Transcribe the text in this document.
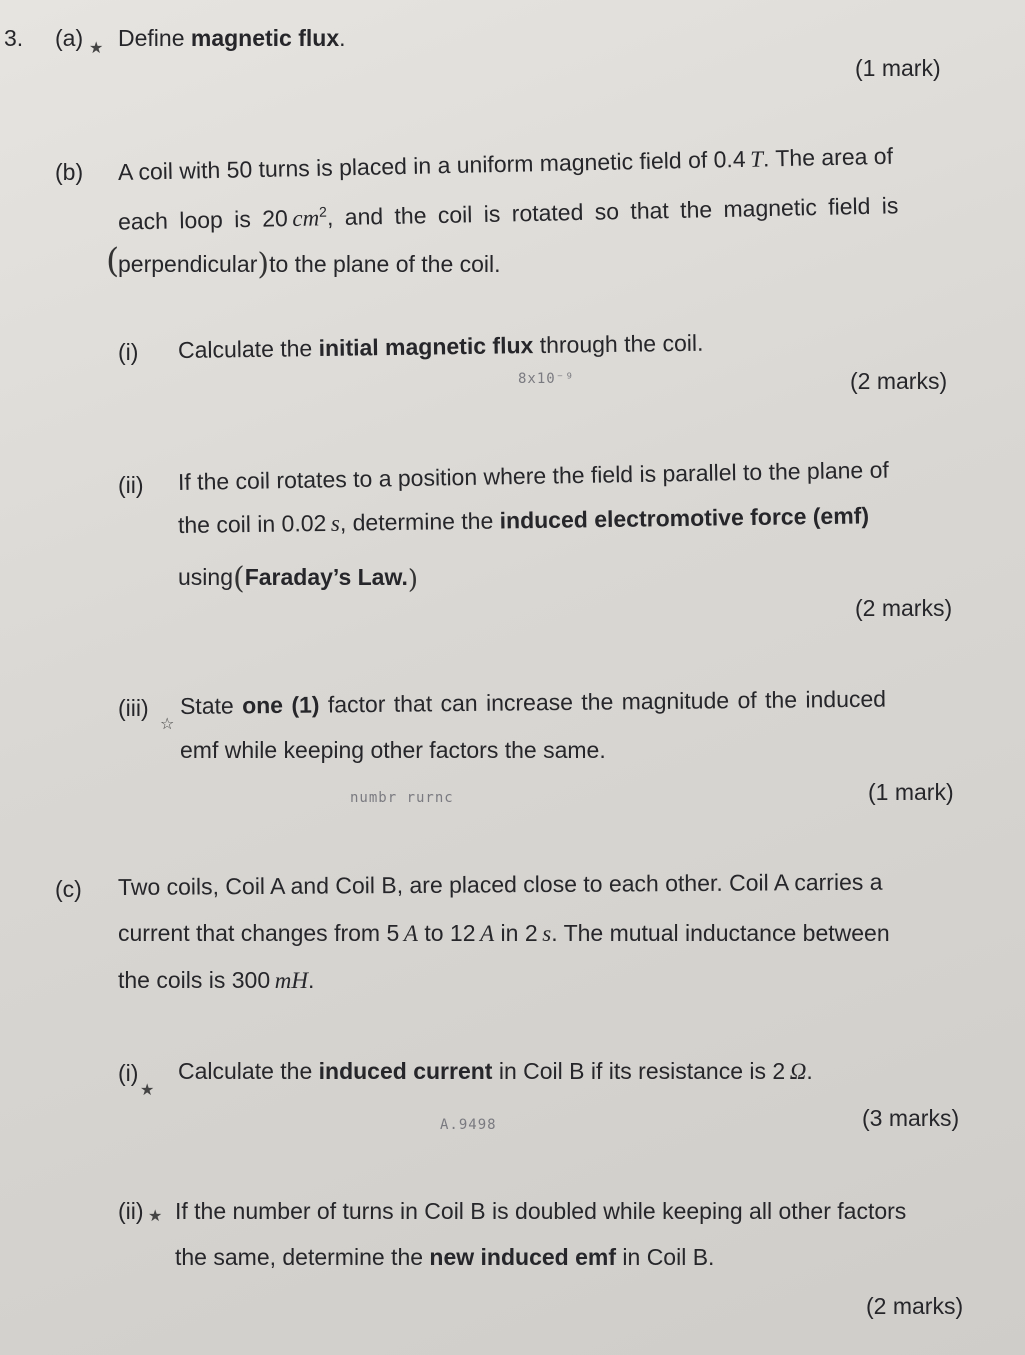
3. (a) ★ Define magnetic flux.
(1 mark)
(b) A coil with 50 turns is placed in a uniform magnetic field of 0.4  T. The area of
each loop is 20  $cm^2$, and the coil is rotated so that the magnetic field is
(
perpendicular)to the plane of the coil.
(i) Calculate the initial magnetic flux through the coil.
8x10⁻⁹	(2 marks)
(ii) If the coil rotates to a position where the field is parallel to the plane of
the coil in 0.02  s, determine the induced electromotive force (emf)
using(Faraday’s Law.)
(2 marks)
(iii)
☆
State one (1) factor that can increase the magnitude of the induced
emf while keeping other factors the same.
numbr rurnc	(1 mark)
(c) Two coils, Coil A and Coil B, are placed close to each other. Coil A carries a
current that changes from 5  A to 12  A in 2  s. The mutual inductance between
the coils is 300  mH.
(i)
★
Calculate the induced current in Coil B if its resistance is 2  Ω.
A.9498	(3 marks)
(ii) ★ If the number of turns in Coil B is doubled while keeping all other factors
the same, determine the new induced emf in Coil B.
(2 marks)
